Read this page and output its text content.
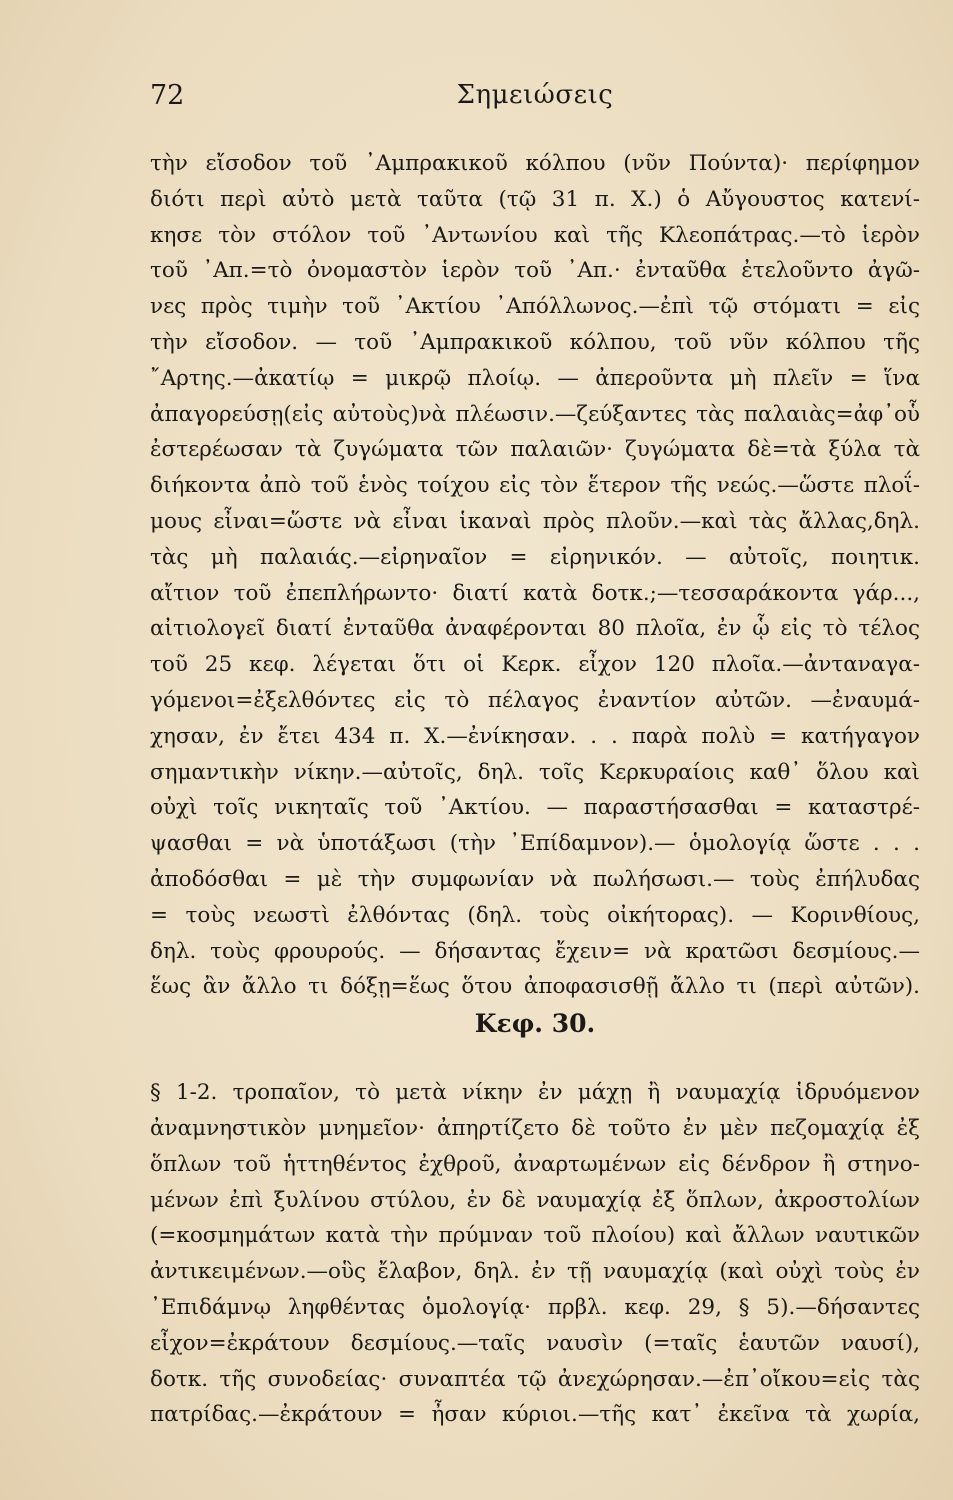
72	Σημειώσεις
τὴν εἴσοδον τοῦ ᾿Αμπρακικοῦ κόλπου (νῦν Πούντα)· περίφημον
διότι περὶ αὐτὸ μετὰ ταῦτα (τῷ 31 π. Χ.) ὁ Αὔγουστος κατενί-
κησε τὸν στόλον τοῦ ᾿Αντωνίου καὶ τῆς Κλεοπάτρας.—τὸ ἱερὸν
τοῦ ᾿Απ.=τὸ ὀνομαστὸν ἱερὸν τοῦ ᾿Απ.· ἐνταῦθα ἐτελοῦντο ἀγῶ-
νες πρὸς τιμὴν τοῦ ᾿Ακτίου ᾿Απόλλωνος.—ἐπὶ τῷ στόματι = εἰς
τὴν εἴσοδον. — τοῦ ᾿Αμπρακικοῦ κόλπου, τοῦ νῦν κόλπου τῆς
῎Αρτης.—ἀκατίῳ = μικρῷ πλοίῳ. — ἀπεροῦντα μὴ πλεῖν = ἵνα
ἀπαγορεύσῃ(εἰς αὐτοὺς)νὰ πλέωσιν.—ζεύξαντες τὰς παλαιὰς=ἀφ᾿οὗ
ἐστερέωσαν τὰ ζυγώματα τῶν παλαιῶν· ζυγώματα δὲ=τὰ ξύλα τὰ
διήκοντα ἀπὸ τοῦ ἑνὸς τοίχου εἰς τὸν ἕτερον τῆς νεώς.—ὥστε πλοΐ-
μους εἶναι=ὥστε νὰ εἶναι ἱκαναὶ πρὸς πλοῦν.—καὶ τὰς ἄλλας,δηλ.
τὰς μὴ παλαιάς.—εἰρηναῖον = εἰρηνικόν. — αὐτοῖς, ποιητικ.
αἴτιον τοῦ ἐπεπλήρωντο· διατί κατὰ δοτκ.;—τεσσαράκοντα γάρ...,
αἰτιολογεῖ διατί ἐνταῦθα ἀναφέρονται 80 πλοῖα, ἐν ᾧ εἰς τὸ τέλος
τοῦ 25 κεφ. λέγεται ὅτι οἱ Κερκ. εἶχον 120 πλοῖα.—ἀνταναγα-
γόμενοι=ἐξελθόντες εἰς τὸ πέλαγος ἐναντίον αὐτῶν. —ἐναυμά-
χησαν, ἐν ἔτει 434 π. Χ.—ἐνίκησαν. . . παρὰ πολὺ = κατήγαγον
σημαντικὴν νίκην.—αὐτοῖς, δηλ. τοῖς Κερκυραίοις καθ᾿ ὅλου καὶ
οὐχὶ τοῖς νικηταῖς τοῦ ᾿Ακτίου. — παραστήσασθαι = καταστρέ-
ψασθαι = νὰ ὑποτάξωσι (τὴν ᾿Επίδαμνον).— ὁμολογίᾳ ὥστε . . .
ἀποδόσθαι = μὲ τὴν συμφωνίαν νὰ πωλήσωσι.— τοὺς ἐπήλυδας
= τοὺς νεωστὶ ἐλθόντας (δηλ. τοὺς οἰκήτορας). — Κορινθίους,
δηλ. τοὺς φρουρούς. — δήσαντας ἔχειν= νὰ κρατῶσι δεσμίους.—
ἕως ἂν ἄλλο τι δόξῃ=ἕως ὅτου ἀποφασισθῇ ἄλλο τι (περὶ αὐτῶν).
Κεφ. 30.
§ 1-2. τροπαῖον, τὸ μετὰ νίκην ἐν μάχῃ ἢ ναυμαχίᾳ ἱδρυόμενον
ἀναμνηστικὸν μνημεῖον· ἀπηρτίζετο δὲ τοῦτο ἐν μὲν πεζομαχίᾳ ἐξ
ὅπλων τοῦ ἡττηθέντος ἐχθροῦ, ἀναρτωμένων εἰς δένδρον ἢ στηνο-
μένων ἐπὶ ξυλίνου στύλου, ἐν δὲ ναυμαχίᾳ ἐξ ὅπλων, ἀκροστολίων
(=κοσμημάτων κατὰ τὴν πρύμναν τοῦ πλοίου) καὶ ἄλλων ναυτικῶν
ἀντικειμένων.—οὓς ἔλαβον, δηλ. ἐν τῇ ναυμαχίᾳ (καὶ οὐχὶ τοὺς ἐν
᾿Επιδάμνῳ ληφθέντας ὁμολογίᾳ· πρβλ. κεφ. 29, § 5).—δήσαντες
εἶχον=ἐκράτουν δεσμίους.—ταῖς ναυσὶν (=ταῖς ἑαυτῶν ναυσί),
δοτκ. τῆς συνοδείας· συναπτέα τῷ ἀνεχώρησαν.—ἐπ᾿οἴκου=εἰς τὰς
πατρίδας.—ἐκράτουν = ἦσαν κύριοι.—τῆς κατ᾿ ἐκεῖνα τὰ χωρία,
